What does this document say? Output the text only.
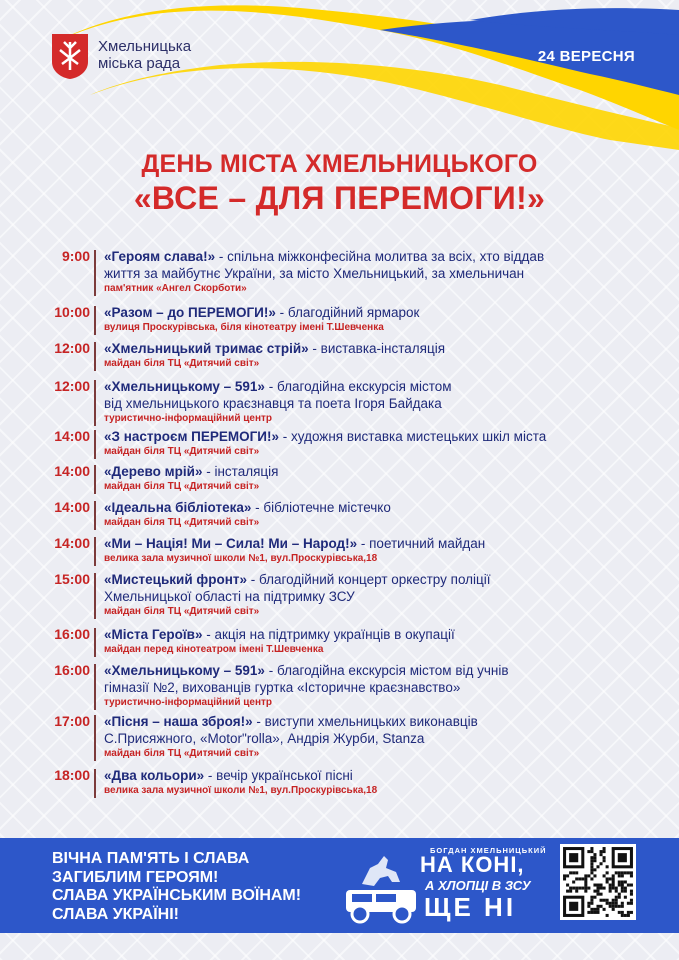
Хмельницька
міська рада	24 ВЕРЕСНЯ
ДЕНЬ МІСТА ХМЕЛЬНИЦЬКОГО
«ВСЕ – ДЛЯ ПЕРЕМОГИ!»
9:00 «Героям слава!» - спільна міжконфесійна молитва за всіх, хто віддав
життя за майбутнє України, за місто Хмельницький, за хмельничан
пам'ятник «Ангел Скорботи»
10:00 «Разом – до ПЕРЕМОГИ!» - благодійний ярмарок
вулиця Проскурівська, біля кінотеатру імені Т.Шевченка
12:00 «Хмельницький тримає стрій» - виставка-інсталяція
майдан біля ТЦ «Дитячий світ»
12:00 «Хмельницькому – 591» - благодійна екскурсія містом
від хмельницького краєзнавця та поета Ігоря Байдака
туристично-інформаційний центр
14:00 «З настроєм ПЕРЕМОГИ!» - художня виставка мистецьких шкіл міста
майдан біля ТЦ «Дитячий світ»
14:00 «Дерево мрій» - інсталяція
майдан біля ТЦ «Дитячий світ»
14:00 «Ідеальна бібліотека» - бібліотечне містечко
майдан біля ТЦ «Дитячий світ»
14:00 «Ми – Нація! Ми – Сила! Ми – Народ!» - поетичний майдан
велика зала музичної школи №1, вул.Проскурівська,18
15:00 «Мистецький фронт» - благодійний концерт оркестру поліції
Хмельницької області на підтримку ЗСУ
майдан біля ТЦ «Дитячий світ»
16:00 «Міста Героїв» - акція на підтримку українців в окупації
майдан перед кінотеатром імені Т.Шевченка
16:00 «Хмельницькому – 591» - благодійна екскурсія містом від учнів
гімназії №2, вихованців гуртка «Історичне краєзнавство»
туристично-інформаційний центр
17:00 «Пісня – наша зброя!» - виступи хмельницьких виконавців
С.Присяжного, «Motor"rolla», Андрія Журби, Stanza
майдан біля ТЦ «Дитячий світ»
18:00 «Два кольори» - вечір української пісні
велика зала музичної школи №1, вул.Проскурівська,18
ВІЧНА ПАМ'ЯТЬ І СЛАВА
ЗАГИБЛИМ ГЕРОЯМ!
СЛАВА УКРАЇНСЬКИМ ВОЇНАМ!
СЛАВА УКРАЇНІ!
БОГДАН ХМЕЛЬНИЦЬКИЙ
НА КОНІ,
А ХЛОПЦІ В ЗСУ
ЩЕ НІ
